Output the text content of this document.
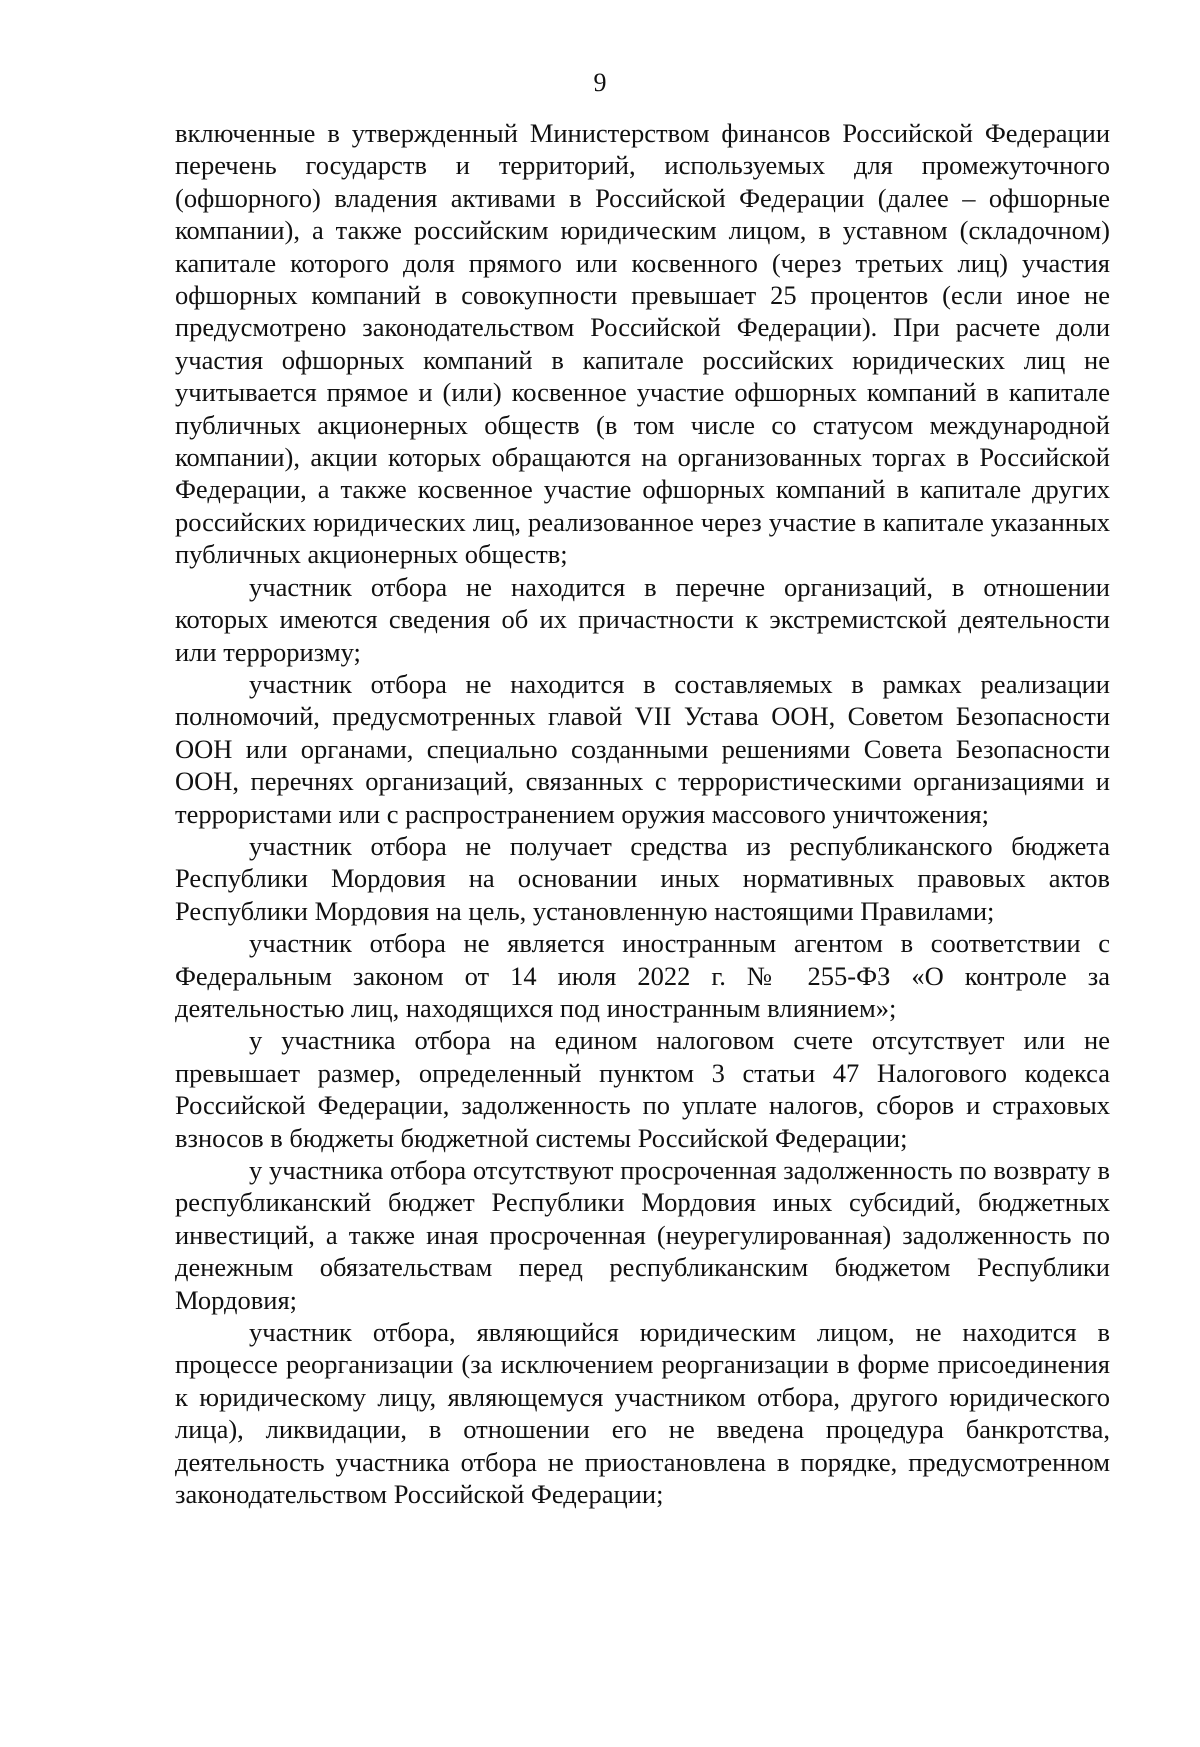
9

включенные в утвержденный Министерством финансов Российской Федерации перечень государств и территорий, используемых для промежуточного (офшорного) владения активами в Российской Федерации (далее – офшорные компании), а также российским юридическим лицом, в уставном (складочном) капитале которого доля прямого или косвенного (через третьих лиц) участия офшорных компаний в совокупности превышает 25 процентов (если иное не предусмотрено законодательством Российской Федерации). При расчете доли участия офшорных компаний в капитале российских юридических лиц не учитывается прямое и (или) косвенное участие офшорных компаний в капитале публичных акционерных обществ (в том числе со статусом международной компании), акции которых обращаются на организованных торгах в Российской Федерации, а также косвенное участие офшорных компаний в капитале других российских юридических лиц, реализованное через участие в капитале указанных публичных акционерных обществ;

участник отбора не находится в перечне организаций, в отношении которых имеются сведения об их причастности к экстремистской деятельности или терроризму;

участник отбора не находится в составляемых в рамках реализации полномочий, предусмотренных главой VII Устава ООН, Советом Безопасности ООН или органами, специально созданными решениями Совета Безопасности ООН, перечнях организаций, связанных с террористическими организациями и террористами или с распространением оружия массового уничтожения;

участник отбора не получает средства из республиканского бюджета Республики Мордовия на основании иных нормативных правовых актов Республики Мордовия на цель, установленную настоящими Правилами;

участник отбора не является иностранным агентом в соответствии с Федеральным законом от 14 июля 2022 г. № 255-ФЗ «О контроле за деятельностью лиц, находящихся под иностранным влиянием»;

у участника отбора на едином налоговом счете отсутствует или не превышает размер, определенный пунктом 3 статьи 47 Налогового кодекса Российской Федерации, задолженность по уплате налогов, сборов и страховых взносов в бюджеты бюджетной системы Российской Федерации;

у участника отбора отсутствуют просроченная задолженность по возврату в республиканский бюджет Республики Мордовия иных субсидий, бюджетных инвестиций, а также иная просроченная (неурегулированная) задолженность по денежным обязательствам перед республиканским бюджетом Республики Мордовия;

участник отбора, являющийся юридическим лицом, не находится в процессе реорганизации (за исключением реорганизации в форме присоединения к юридическому лицу, являющемуся участником отбора, другого юридического лица), ликвидации, в отношении его не введена процедура банкротства, деятельность участника отбора не приостановлена в порядке, предусмотренном законодательством Российской Федерации;
